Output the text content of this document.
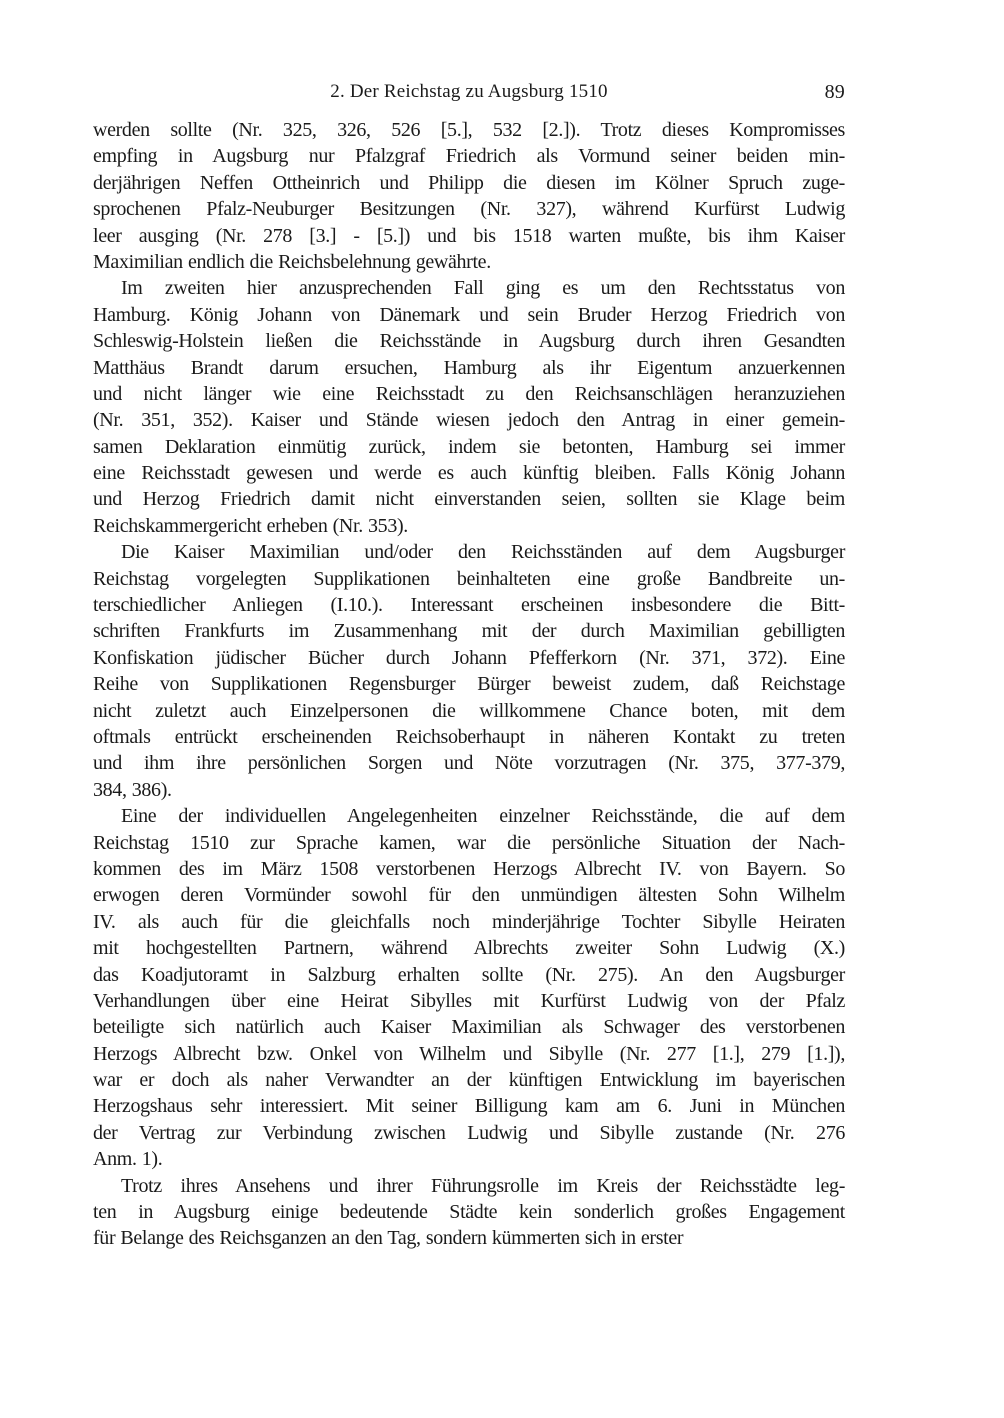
2. Der Reichstag zu Augsburg 1510	89
werden sollte (Nr. 325, 326, 526 [5.], 532 [2.]). Trotz dieses Kompromisses
empfing in Augsburg nur Pfalzgraf Friedrich als Vormund seiner beiden min-
derjährigen Neffen Ottheinrich und Philipp die diesen im Kölner Spruch zuge-
sprochenen Pfalz-Neuburger Besitzungen (Nr. 327), während Kurfürst Ludwig
leer ausging (Nr. 278 [3.] - [5.]) und bis 1518 warten mußte, bis ihm Kaiser
Maximilian endlich die Reichsbelehnung gewährte.
Im zweiten hier anzusprechenden Fall ging es um den Rechtsstatus von
Hamburg. König Johann von Dänemark und sein Bruder Herzog Friedrich von
Schleswig-Holstein ließen die Reichsstände in Augsburg durch ihren Gesandten
Matthäus Brandt darum ersuchen, Hamburg als ihr Eigentum anzuerkennen
und nicht länger wie eine Reichsstadt zu den Reichsanschlägen heranzuziehen
(Nr. 351, 352). Kaiser und Stände wiesen jedoch den Antrag in einer gemein-
samen Deklaration einmütig zurück, indem sie betonten, Hamburg sei immer
eine Reichsstadt gewesen und werde es auch künftig bleiben. Falls König Johann
und Herzog Friedrich damit nicht einverstanden seien, sollten sie Klage beim
Reichskammergericht erheben (Nr. 353).
Die Kaiser Maximilian und/oder den Reichsständen auf dem Augsburger
Reichstag vorgelegten Supplikationen beinhalteten eine große Bandbreite un-
terschiedlicher Anliegen (I.10.). Interessant erscheinen insbesondere die Bitt-
schriften Frankfurts im Zusammenhang mit der durch Maximilian gebilligten
Konfiskation jüdischer Bücher durch Johann Pfefferkorn (Nr. 371, 372). Eine
Reihe von Supplikationen Regensburger Bürger beweist zudem, daß Reichstage
nicht zuletzt auch Einzelpersonen die willkommene Chance boten, mit dem
oftmals entrückt erscheinenden Reichsoberhaupt in näheren Kontakt zu treten
und ihm ihre persönlichen Sorgen und Nöte vorzutragen (Nr. 375, 377-379,
384, 386).
Eine der individuellen Angelegenheiten einzelner Reichsstände, die auf dem
Reichstag 1510 zur Sprache kamen, war die persönliche Situation der Nach-
kommen des im März 1508 verstorbenen Herzogs Albrecht IV. von Bayern. So
erwogen deren Vormünder sowohl für den unmündigen ältesten Sohn Wilhelm
IV. als auch für die gleichfalls noch minderjährige Tochter Sibylle Heiraten
mit hochgestellten Partnern, während Albrechts zweiter Sohn Ludwig (X.)
das Koadjutoramt in Salzburg erhalten sollte (Nr. 275). An den Augsburger
Verhandlungen über eine Heirat Sibylles mit Kurfürst Ludwig von der Pfalz
beteiligte sich natürlich auch Kaiser Maximilian als Schwager des verstorbenen
Herzogs Albrecht bzw. Onkel von Wilhelm und Sibylle (Nr. 277 [1.], 279 [1.]),
war er doch als naher Verwandter an der künftigen Entwicklung im bayerischen
Herzogshaus sehr interessiert. Mit seiner Billigung kam am 6. Juni in München
der Vertrag zur Verbindung zwischen Ludwig und Sibylle zustande (Nr. 276
Anm. 1).
Trotz ihres Ansehens und ihrer Führungsrolle im Kreis der Reichsstädte leg-
ten in Augsburg einige bedeutende Städte kein sonderlich großes Engagement
für Belange des Reichsganzen an den Tag, sondern kümmerten sich in erster
